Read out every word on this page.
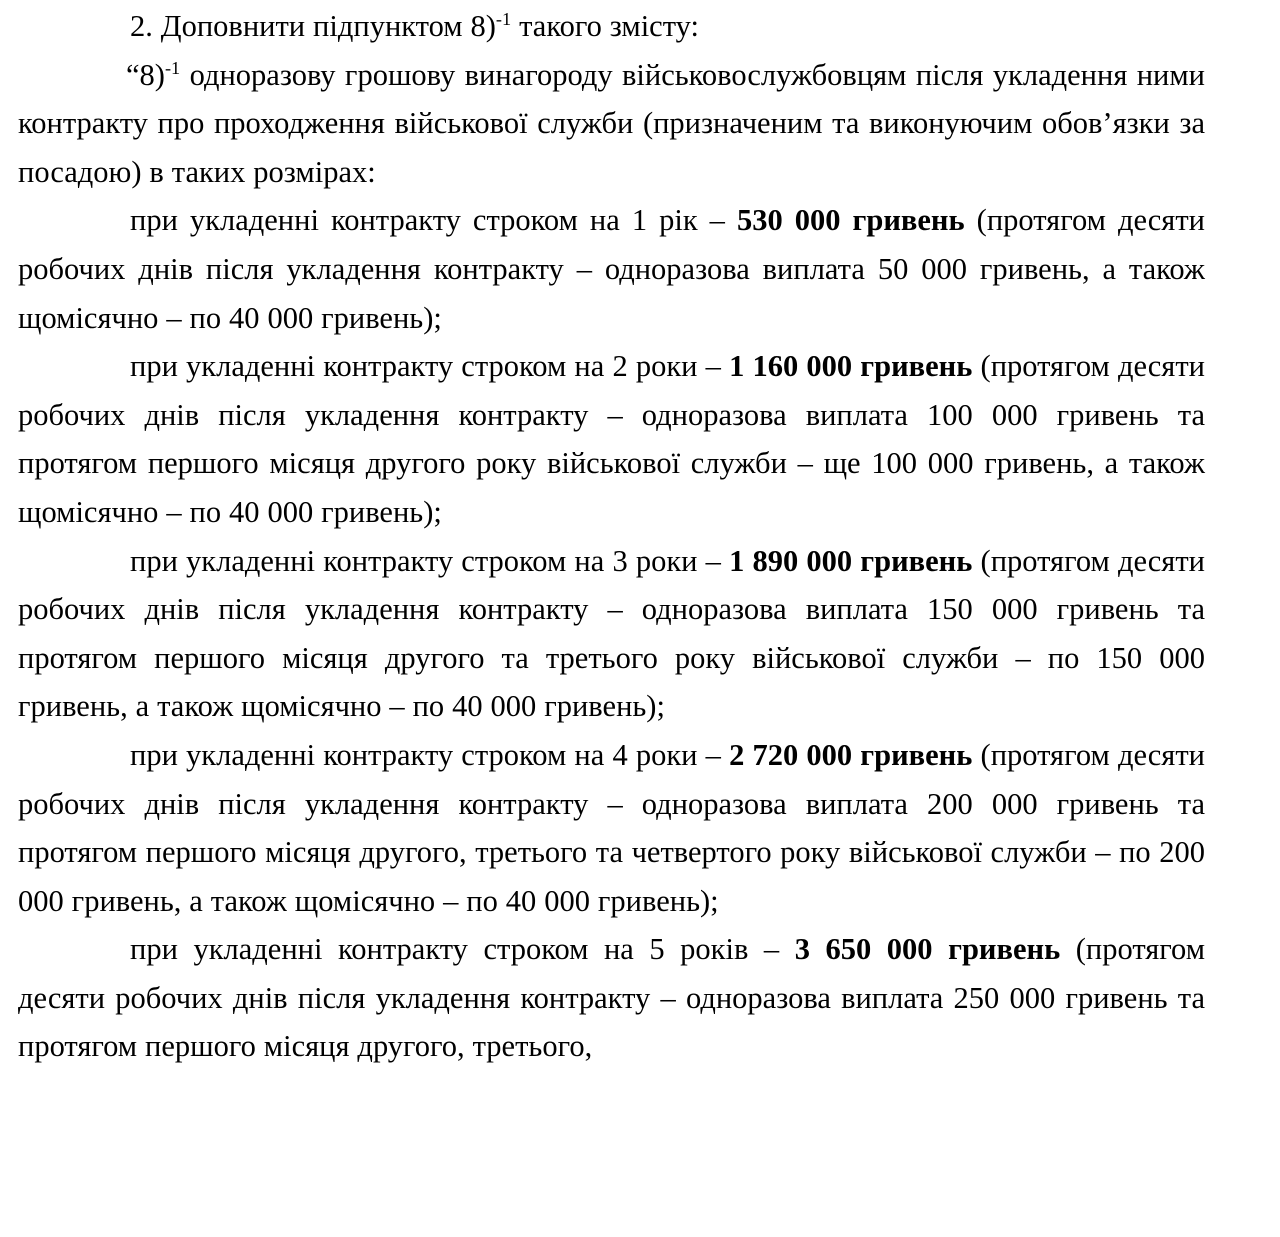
2. Доповнити підпунктом 8)$^{-1}$ такого змісту:

“8)$^{-1}$ одноразову грошову винагороду військовослужбовцям після укладення ними контракту про проходження військової служби (призначеним та виконуючим обов’язки за посадою) в таких розмірах:

при укладенні контракту строком на 1 рік – 530 000 гривень (протягом десяти робочих днів після укладення контракту – одноразова виплата 50 000 гривень, а також щомісячно – по 40 000 гривень);

при укладенні контракту строком на 2 роки – 1 160 000 гривень (протягом десяти робочих днів після укладення контракту – одноразова виплата 100 000 гривень та протягом першого місяця другого року військової служби – ще 100 000 гривень, а також щомісячно – по 40 000 гривень);

при укладенні контракту строком на 3 роки – 1 890 000 гривень (протягом десяти робочих днів після укладення контракту – одноразова виплата 150 000 гривень та протягом першого місяця другого та третього року військової служби – по 150 000 гривень, а також щомісячно – по 40 000 гривень);

при укладенні контракту строком на 4 роки – 2 720 000 гривень (протягом десяти робочих днів після укладення контракту – одноразова виплата 200 000 гривень та протягом першого місяця другого, третього та четвертого року військової служби – по 200 000 гривень, а також щомісячно – по 40 000 гривень);

при укладенні контракту строком на 5 років – 3 650 000 гривень (протягом десяти робочих днів після укладення контракту – одноразова виплата 250 000 гривень та протягом першого місяця другого, третього,
